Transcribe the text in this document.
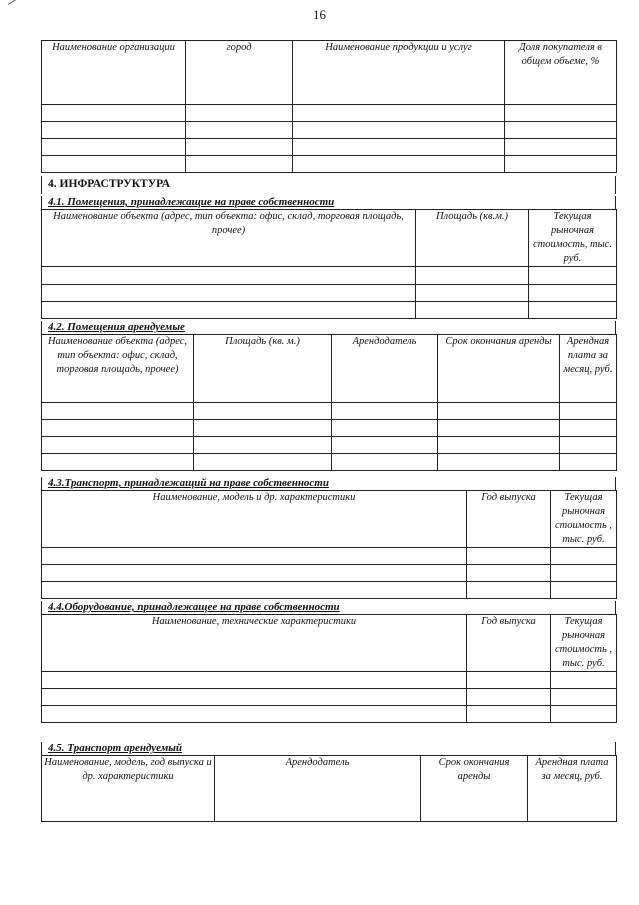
16
Наименование организации	город	Наименование продукции и услуг	Доля покупателя в общем объеме, %

4. ИНФРАСТРУКТУРА
4.1. Помещения, принадлежащие на праве собственности
Наименование объекта (адрес, тип объекта: офис, склад, торговая площадь, прочее)	Площадь (кв.м.)	Текущая рыночная стоимость, тыс. руб.

4.2. Помещения арендуемые
Наименование объекта (адрес, тип объекта: офис, склад, торговая площадь, прочее)	Площадь (кв. м.)	Арендодатель	Срок окончания аренды	Арендная плата за месяц, руб.

4.3.Транспорт, принадлежащий на праве собственности
Наименование, модель и др. характеристики	Год выпуска	Текущая рыночная стоимость , тыс. руб.

4.4.Оборудование, принадлежащее на праве собственности
Наименование, технические характеристики	Год выпуска	Текущая рыночная стоимость , тыс. руб.

4.5. Транспорт арендуемый
Наименование, модель, год выпуска и др. характеристики	Арендодатель	Срок окончания аренды	Арендная плата за месяц, руб.
